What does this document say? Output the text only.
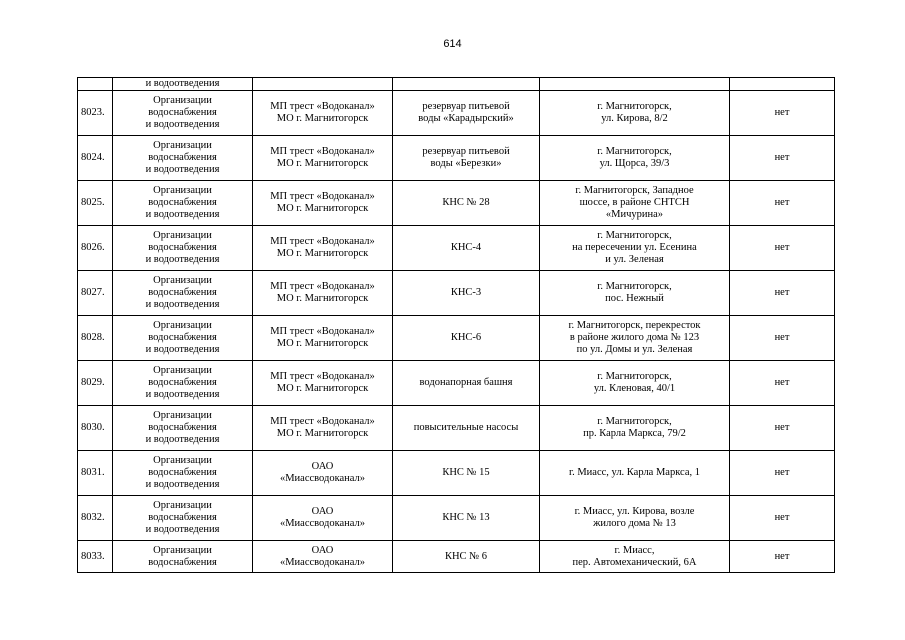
614
	и водоотведения				
8023.	Организации
водоснабжения
и водоотведения	МП трест «Водоканал»
МО г. Магнитогорск	резервуар питьевой
воды «Карадырский»	г. Магнитогорск,
ул. Кирова, 8/2	нет
8024.	Организации
водоснабжения
и водоотведения	МП трест «Водоканал»
МО г. Магнитогорск	резервуар питьевой
воды «Березки»	г. Магнитогорск,
ул. Щорса, 39/3	нет
8025.	Организации
водоснабжения
и водоотведения	МП трест «Водоканал»
МО г. Магнитогорск	КНС № 28	г. Магнитогорск, Западное
шоссе, в районе СНТСН
«Мичурина»	нет
8026.	Организации
водоснабжения
и водоотведения	МП трест «Водоканал»
МО г. Магнитогорск	КНС-4	г. Магнитогорск,
на пересечении ул. Есенина
и ул. Зеленая	нет
8027.	Организации
водоснабжения
и водоотведения	МП трест «Водоканал»
МО г. Магнитогорск	КНС-3	г. Магнитогорск,
пос. Нежный	нет
8028.	Организации
водоснабжения
и водоотведения	МП трест «Водоканал»
МО г. Магнитогорск	КНС-6	г. Магнитогорск, перекресток
в районе жилого дома № 123
по ул. Домы и ул. Зеленая	нет
8029.	Организации
водоснабжения
и водоотведения	МП трест «Водоканал»
МО г. Магнитогорск	водонапорная башня	г. Магнитогорск,
ул. Кленовая, 40/1	нет
8030.	Организации
водоснабжения
и водоотведения	МП трест «Водоканал»
МО г. Магнитогорск	повысительные насосы	г. Магнитогорск,
пр. Карла Маркса, 79/2	нет
8031.	Организации
водоснабжения
и водоотведения	ОАО
«Миассводоканал»	КНС № 15	г. Миасс, ул. Карла Маркса, 1	нет
8032.	Организации
водоснабжения
и водоотведения	ОАО
«Миассводоканал»	КНС № 13	г. Миасс, ул. Кирова, возле
жилого дома № 13	нет
8033.	Организации
водоснабжения	ОАО
«Миассводоканал»	КНС № 6	г. Миасс,
пер. Автомеханический, 6А	нет
